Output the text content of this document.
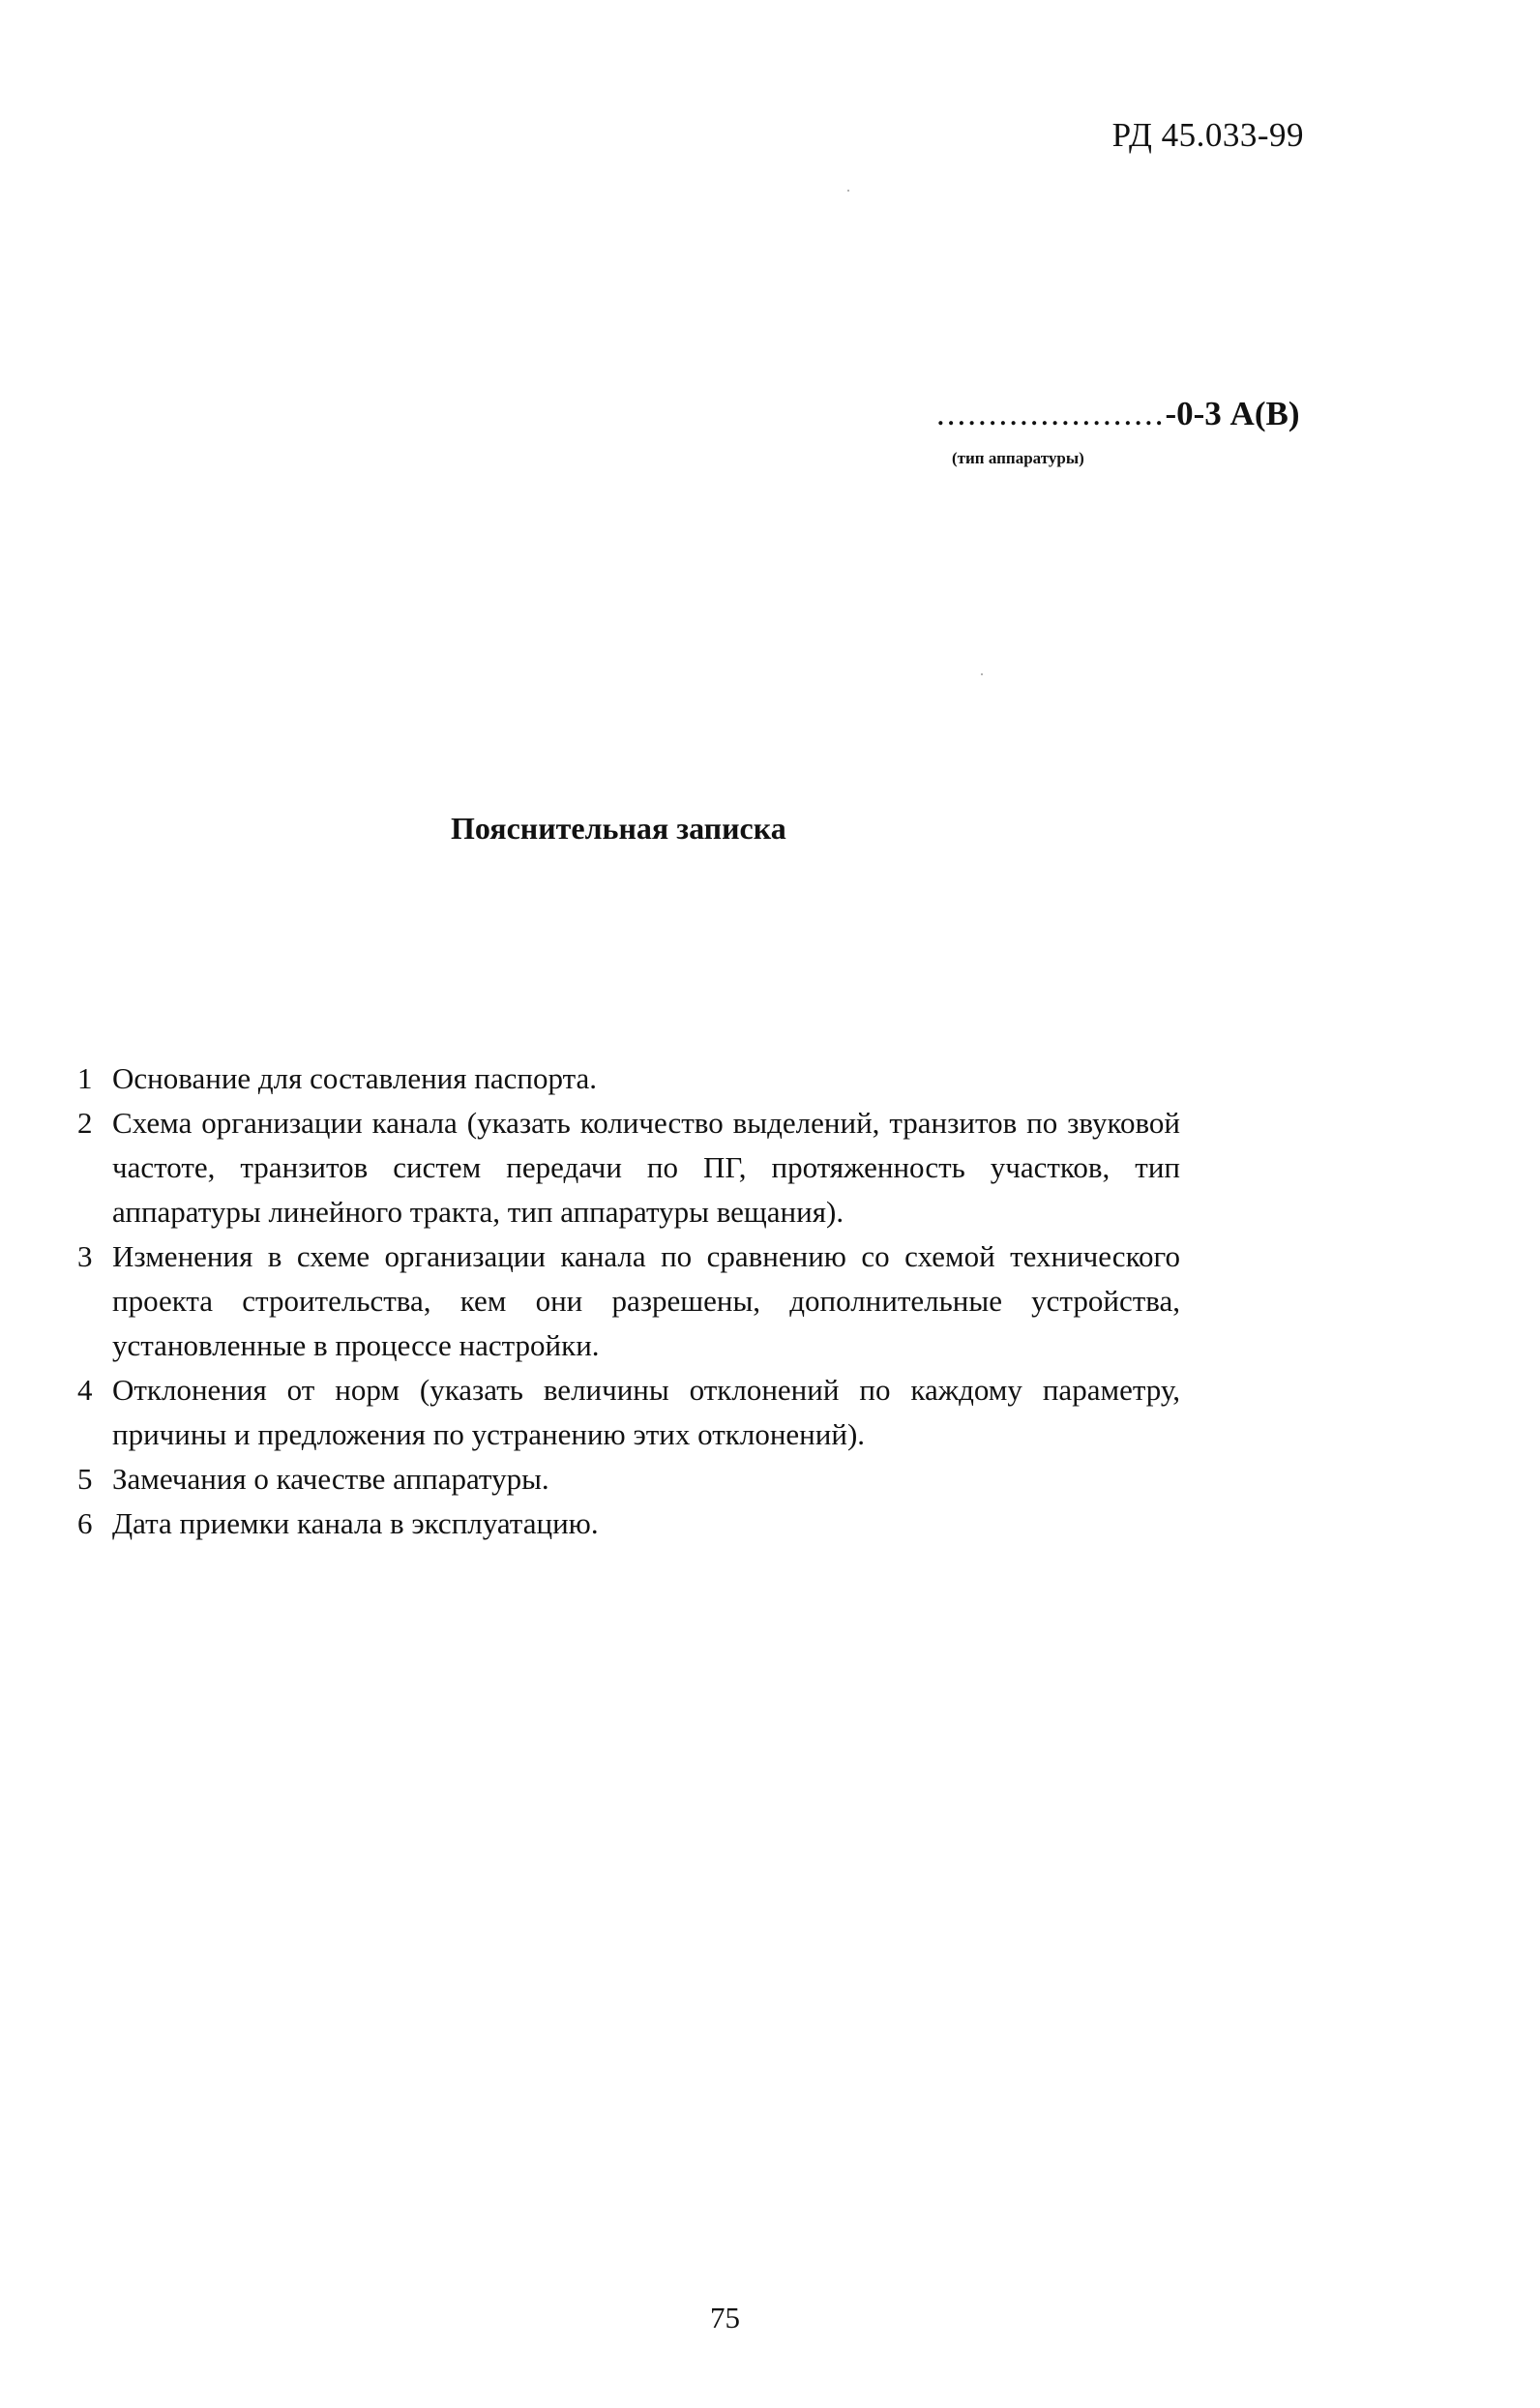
РД 45.033-99
......................-0-3 А(В)
(тип аппаратуры)
Пояснительная записка
1 Основание для составления паспорта.
2 Схема организации канала (указать количество выделений, транзитов по звуковой частоте, транзитов систем передачи по ПГ, протяженность участков, тип аппаратуры линейного тракта, тип аппаратуры вещания).
3 Изменения в схеме организации канала по сравнению со схемой технического проекта строительства, кем они разрешены, дополнительные устройства, установленные в процессе настройки.
4 Отклонения от норм (указать величины отклонений по каждому параметру, причины и предложения по устранению этих отклонений).
5 Замечания о качестве аппаратуры.
6 Дата приемки канала в эксплуатацию.
75
